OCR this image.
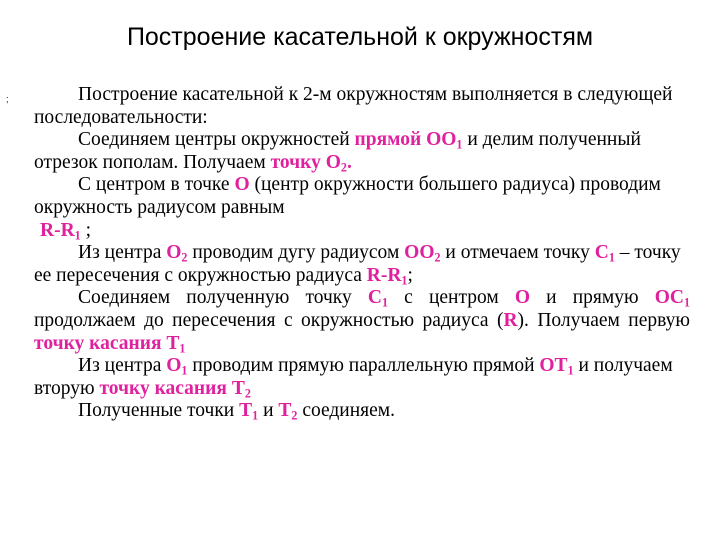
Построение касательной к окружностям
;	Построение касательной к 2-м окружностям выполняется в следующей последовательности:

Соединяем центры окружностей прямой $OO_1$ и делим полученный отрезок пополам. Получаем точку $O_2$.

С центром в точке O (центр окружности большего радиуса) проводим окружность радиусом равным

$R-R_1$ ;

Из центра $O_2$ проводим дугу радиусом $OO_2$ и отмечаем точку $C_1$ – точку ее пересечения с окружностью радиуса $R-R_1$;

Соединяем полученную точку $C_1$ с центром O и прямую $OC_1$ продолжаем до пересечения с окружностью радиуса (R). Получаем первую точку касания $T_1$

Из центра $O_1$ проводим прямую параллельную прямой $OT_1$ и получаем вторую точку касания $T_2$

Полученные точки $T_1$ и $T_2$ соединяем.
